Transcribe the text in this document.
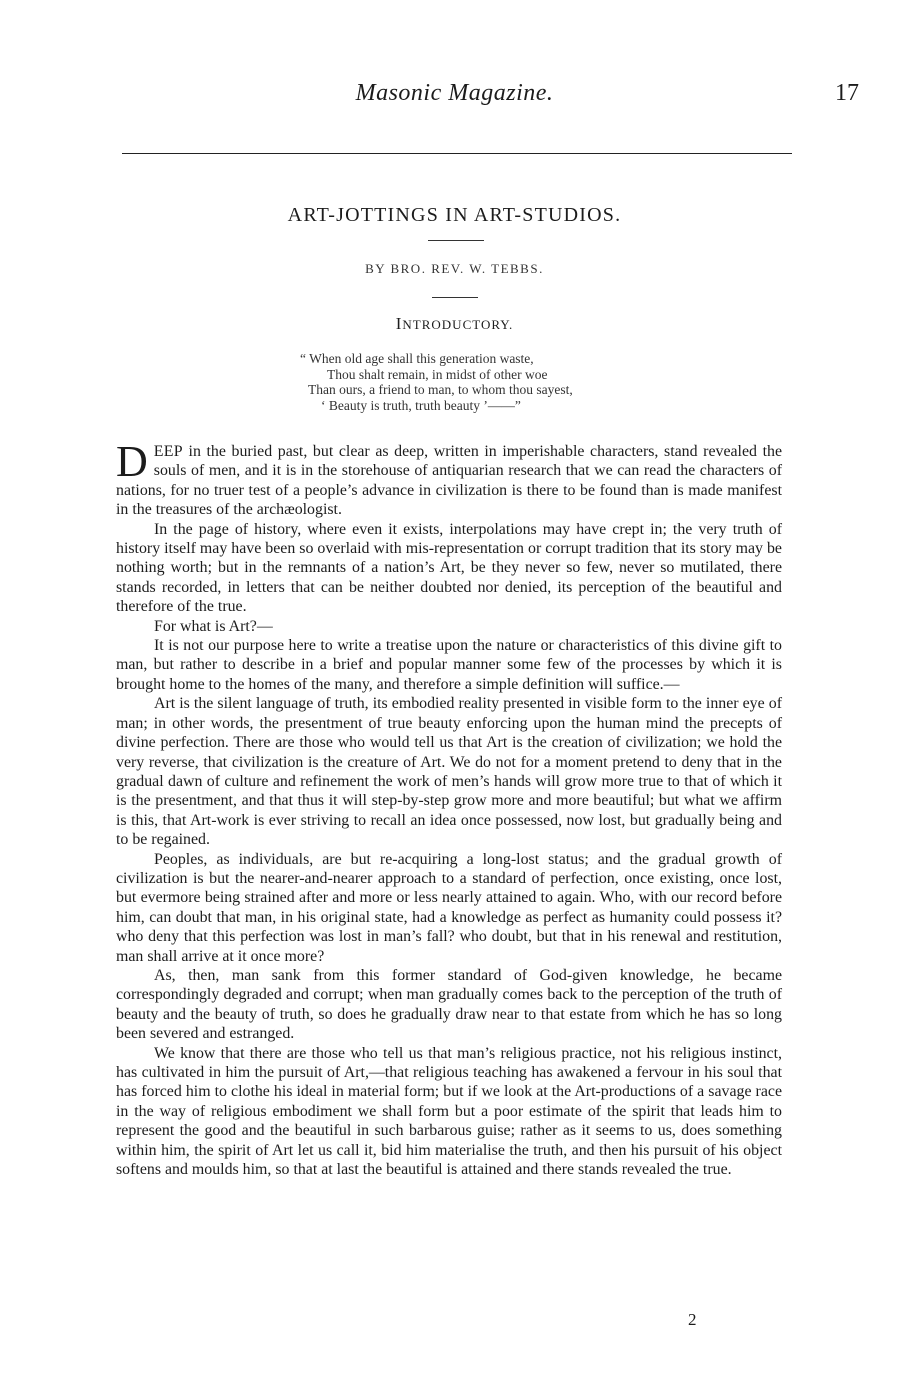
Masonic Magazine.	17
ART-JOTTINGS IN ART-STUDIOS.
BY BRO. REV. W. TEBBS.
INTRODUCTORY.
“ When old age shall this generation waste,
Thou shalt remain, in midst of other woe
Than ours, a friend to man, to whom thou sayest,
‘ Beauty is truth, truth beauty ’——”

DEEP in the buried past, but clear as deep, written in imperishable characters, stand revealed the souls of men, and it is in the storehouse of antiquarian research that we can read the characters of nations, for no truer test of a people’s advance in civilization is there to be found than is made manifest in the treasures of the archæologist.

In the page of history, where even it exists, interpolations may have crept in; the very truth of history itself may have been so overlaid with mis-representation or corrupt tradition that its story may be nothing worth; but in the remnants of a nation’s Art, be they never so few, never so mutilated, there stands recorded, in letters that can be neither doubted nor denied, its perception of the beautiful and therefore of the true.

For what is Art?—

It is not our purpose here to write a treatise upon the nature or characteristics of this divine gift to man, but rather to describe in a brief and popular manner some few of the processes by which it is brought home to the homes of the many, and therefore a simple definition will suffice.—

Art is the silent language of truth, its embodied reality presented in visible form to the inner eye of man; in other words, the presentment of true beauty enforcing upon the human mind the precepts of divine perfection. There are those who would tell us that Art is the creation of civilization; we hold the very reverse, that civilization is the creature of Art. We do not for a moment pretend to deny that in the gradual dawn of culture and refinement the work of men’s hands will grow more true to that of which it is the presentment, and that thus it will step-by-step grow more and more beautiful; but what we affirm is this, that Art-work is ever striving to recall an idea once possessed, now lost, but gradually being and to be regained.

Peoples, as individuals, are but re-acquiring a long-lost status; and the gradual growth of civilization is but the nearer-and-nearer approach to a standard of perfection, once existing, once lost, but evermore being strained after and more or less nearly attained to again. Who, with our record before him, can doubt that man, in his original state, had a knowledge as perfect as humanity could possess it? who deny that this perfection was lost in man’s fall? who doubt, but that in his renewal and restitution, man shall arrive at it once more?

As, then, man sank from this former standard of God-given knowledge, he became correspondingly degraded and corrupt; when man gradually comes back to the perception of the truth of beauty and the beauty of truth, so does he gradually draw near to that estate from which he has so long been severed and estranged.

We know that there are those who tell us that man’s religious practice, not his religious instinct, has cultivated in him the pursuit of Art,—that religious teaching has awakened a fervour in his soul that has forced him to clothe his ideal in material form; but if we look at the Art-productions of a savage race in the way of religious embodiment we shall form but a poor estimate of the spirit that leads him to represent the good and the beautiful in such barbarous guise; rather as it seems to us, does something within him, the spirit of Art let us call it, bid him materialise the truth, and then his pursuit of his object softens and moulds him, so that at last the beautiful is attained and there stands revealed the true.

2
